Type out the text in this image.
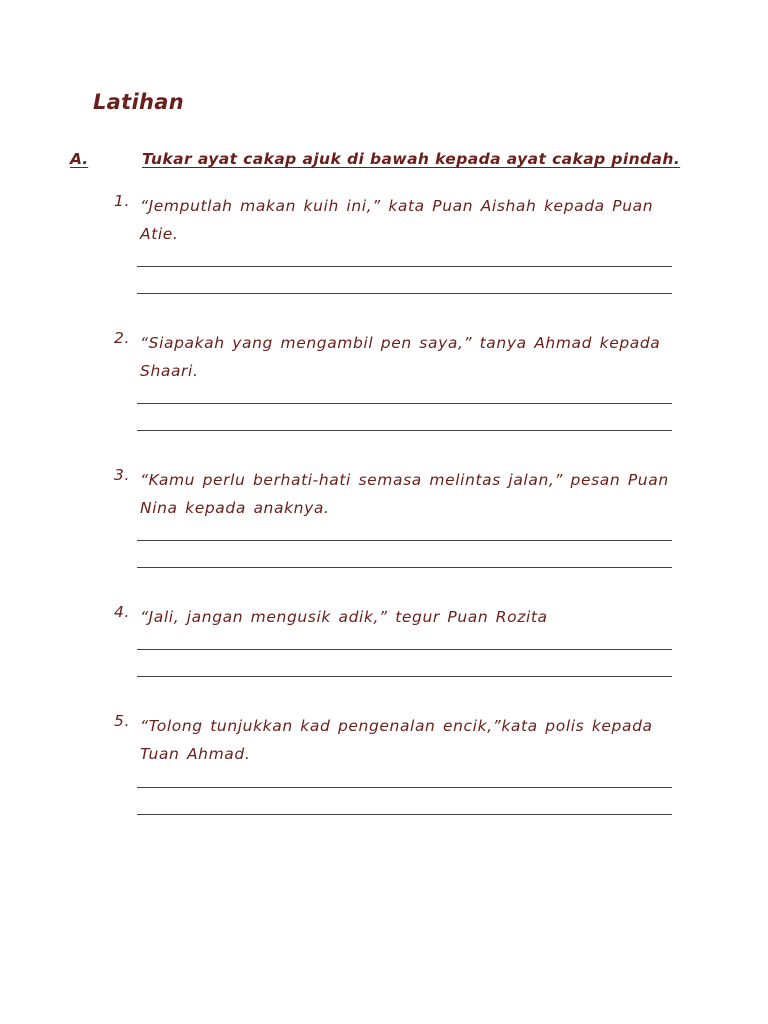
Latihan
A.	Tukar ayat cakap ajuk di bawah kepada ayat cakap pindah.
1. “Jemputlah makan kuih ini,” kata Puan Aishah kepada Puan Atie.
2. “Siapakah yang mengambil pen saya,” tanya Ahmad kepada Shaari.
3. “Kamu perlu berhati-hati semasa melintas jalan,” pesan Puan Nina kepada anaknya.
4. “Jali, jangan mengusik adik,” tegur Puan Rozita
5. “Tolong tunjukkan kad pengenalan encik,”kata polis kepada Tuan Ahmad.
